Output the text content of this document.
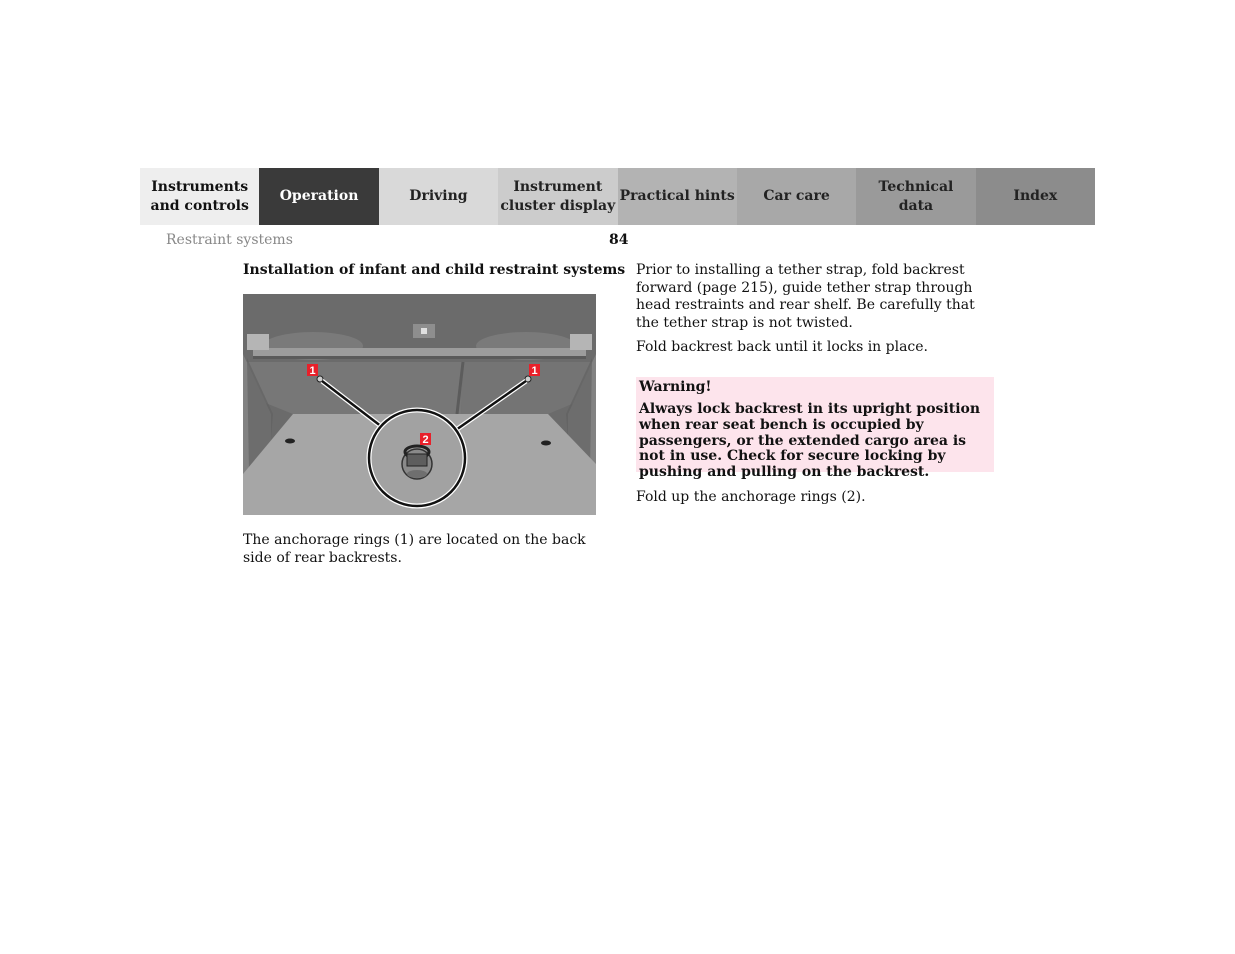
Instruments
and controls
Operation	Driving
Instrument
cluster display
Practical hints	Car care
Technical
data
Index
Restraint systems	84
Installation of infant and child restraint systems
1	1
2
The anchorage rings (1) are located on the back side of rear backrests.
Prior to installing a tether strap, fold backrest forward (page 215), guide tether strap through head restraints and rear shelf. Be carefully that the tether strap is not twisted.
Fold backrest back until it locks in place.
Warning!
Always lock backrest in its upright position when rear seat bench is occupied by passengers, or the extended cargo area is not in use. Check for secure locking by pushing and pulling on the backrest.
Fold up the anchorage rings (2).
